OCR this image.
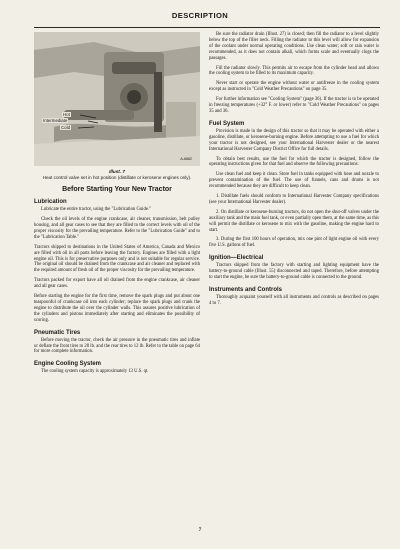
DESCRIPTION
Hot
Intermediate
Cold
A-6882
Illust. 7
Heat control valve set in hot position (distillate or kerosene engines only).
Before Starting Your New Tractor
Lubrication

Lubricate the entire tractor, using the "Lubrication Guide."

Check the oil levels of the engine crankcase, air cleaner, transmission, belt pulley housing, and all gear cases to see that they are filled to the correct levels with oil of the proper viscosity for the prevailing temperature. Refer to the "Lubrication Guide" and to the "Lubrication Table."

Tractors shipped to destinations in the United States of America, Canada and Mexico are filled with oil in all parts before leaving the factory. Engines are filled with a light engine oil. This is for preservative purposes only and is not suitable for regular service. The original oil should be drained from the crankcase and air cleaner and replaced with the required amount of fresh oil of the proper viscosity for the prevailing temperature.

Tractors packed for export have all oil drained from the engine crankcase, air cleaner and all gear cases.

Before starting the engine for the first time, remove the spark plugs and put about one teaspoonful of crankcase oil into each cylinder; replace the spark plugs and crank the engine to distribute the oil over the cylinder walls. This assures positive lubrication of the cylinders and pistons immediately after starting and eliminates the possibility of scoring.

Pneumatic Tires

Before moving the tractor, check the air pressure in the pneumatic tires and inflate or deflate the front tires to 28 lb. and the rear tires to 12 lb. Refer to the table on page 64 for more complete information.

Engine Cooling System

The cooling system capacity is approximately 13 U.S. qt.

Be sure the radiator drain (Illust. 27) is closed; then fill the radiator to a level slightly below the top of the filler neck. Filling the radiator to this level will allow for expansion of the coolant under normal operating conditions. Use clean water; soft or rain water is recommended, as it does not contain alkali, which forms scale and eventually clogs the passages.

Fill the radiator slowly. This permits air to escape from the cylinder head and allows the cooling system to be filled to its maximum capacity.

Never start or operate the engine without water or antifreeze in the cooling system except as instructed in "Cold Weather Precautions" on page 35.

For further information see "Cooling System" (page 36). If the tractor is to be operated in freezing temperatures (+32° F. or lower) refer to "Cold Weather Precautions" on pages 35 and 36.

Fuel System

Provision is made in the design of this tractor so that it may be operated with either a gasoline, distillate, or kerosene-burning engine. Before attempting to use a fuel for which your tractor is not designed, see your International Harvester dealer or the nearest International Harvester Company District Office for full details.

To obtain best results, use the fuel for which the tractor is designed, follow the operating instructions given for that fuel and observe the following precautions:

Use clean fuel and keep it clean. Store fuel in tanks equipped with hose and nozzle to prevent contamination of the fuel. The use of funnels, cans and drums is not recommended because they are difficult to keep clean.

1. Distillate fuels should conform to International Harvester Company specifications (see your International Harvester dealer).

2. On distillate or kerosene-burning tractors, do not open the shut-off valves under the auxiliary tank and the main fuel tank, or even partially open them, at the same time, as this will permit the distillate or kerosene to mix with the gasoline, making the engine hard to start.

3. During the first 100 hours of operation, mix one pint of light engine oil with every five U.S. gallons of fuel.

Ignition—Electrical

Tractors shipped from the factory with starting and lighting equipment have the battery-to-ground cable (Illust. 55) disconnected and taped. Therefore, before attempting to start the engine, be sure the battery-to-ground cable is connected to the ground.

Instruments and Controls

Thoroughly acquaint yourself with all instruments and controls as described on pages 4 to 7.

7
